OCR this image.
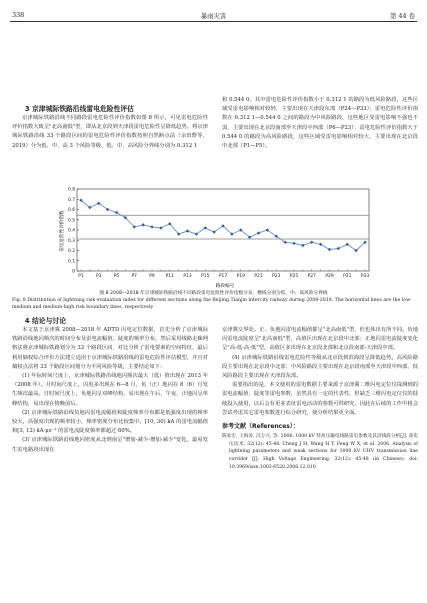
338	暴雨灾害	第 44 卷

3 京津城际铁路沿线雷电危险性评估

京津城际铁路沿线不同路段雷电危险性评价指数如图 8 所示，可见雷电危险性评价指数大致呈"北高南低"型，即从北京段到天津段雷电危险性呈降低趋势。将京津城际铁路沿线 33 个路段区间的雷电危险性评价指数按照自然断点法（余田野等，2019）分为低、中、高 3 个风险等级，低、中、高风险分界线分别为 0.312 1

和 0.544 0。其中雷电危险性评价指数小于 0.312 1 的路段为低风险路段，这些区域受雷电影响相对较轻，主要出现在天津段东部（P24—P33）；雷电危险性评价指数在 0.312 1—0.544 0 之间的路段为中风险路段，这些地区受雷电影响不强也不弱，主要出现在北京段南部至天津段中西部（P6—P23）；雷电危险性评价指数大于 0.544 0 的路段为高风险路段，这些区域受雷电影响相对较大，主要出现在北京段中北部（P1—P5）。

0
0.1
0.2
0.3
0.4
0.5
0.6
0.7
0.8
P1	P3	P5	P7	P9 P11 P13 P15 P17 P19 P21 P23 P25 P27 P29 P31 P33
雷电危险性评价指数
路段编号
图 8 2008—2018 年京津城际铁路沿线不同路段雷电危险性评价指数分布。横线分别为低、中、高风险分界线
Fig. 8 Distribution of lightning risk evaluation index for different sections along the Beijing Tianjin intercity railway during 2008-2018. The horizontal lines are the low-medium and medium-high risk boundary lines, respectively

4 结论与讨论

本文基于京津冀 2008—2018 年 ADTD 闪电定位数据，首先分析了京津城际铁路沿线地闪频次的时间分布及雷电流幅值、陡度的频率分布，然后采用线路走廊网格法将京津城际铁路划分为 33 个路段区间，对比分析了雷电要素的空间特征，最后利用熵权综合评价方法建立适用于京津城际铁路沿线的雷电危险性评估模型，并且对熵权点法将 33 个路段区间划分为不同风险等级，主要结论如下：

(1) 年际时间尺度上，京津城际铁路沿线地闪频次最大（低）值出现在 2013 年（2008 年）。月时间尺度上，闪电多出现在 6—8 月，负（正）地闪在 8（6）月发生频次最高。日时间尺度上，负地闪呈双峰结构，易出现在午后、午夜，正地闪呈单峰结构，易出现在傍晚前后。

(2) 京津城际铁路沿线负地闪雷电流幅值和陡度频率分布都是低强度出现的频率较大，高强度出现的频率较小，频率密度分布比较集中。[10, 30) kA 的雷电流幅值和[3, 12) kA·μs⁻¹ 的雷电流陡度频率都超过 60%。

(3) 京津城际铁路沿线地闪密度从北到南呈"增加-减少-增加-减少"变化，最易发生雷电路段出现在

京津冀交界处。正、负地闪雷电流幅值都呈"北高南低"型，但也体出有所不同。负地闪雷电流陡度呈"北高南低"型，高值区出现在北京段中北部；正地闪雷电流陡度变化呈"高-低-高-低"型，高值区多出现在北京段北部和北京段南部-天津段中部。

(4) 京津城际铁路沿线雷电危险性等级从北京段到滨海段呈降低趋势。高风险路段主要出现在北京段中北部；中风险路段主要出现在北京段南部至天津段中西部，低风险路段主要出现在天津段东部。

需要指出的是，本文使用的雷电数据主要来源于京津冀二维闪电定位仪探测到的雷电流幅值、陡度等雷电参数，虽然具有一定的代表性，但缺乏三维闪电定位仪的陆续投入使用，以后会有更多表征雷电活动的参数可供研究，因此在后续的工作中将会尝试考虑其它雷电参数进行综合研究，使分析结果更全面。

参考文献（References）：
陈家宏, 王海涛, 冯万兴, 等. 2006. 1000 kV 特高压输电线路雷电参数及其沿线段分析[J]. 高电压技术, 32(12): 45-48. Cheng J H, Wang H T, Feng W X, et al. 2006. Analysis of lightning parameters and weak sections for 1000 kV UHV transmission line corridor [J]. High Voltage Engineering, 32(12): 45-48 (in Chinese). doi: 10.3969/issn.1003-6520.2006.12.010
